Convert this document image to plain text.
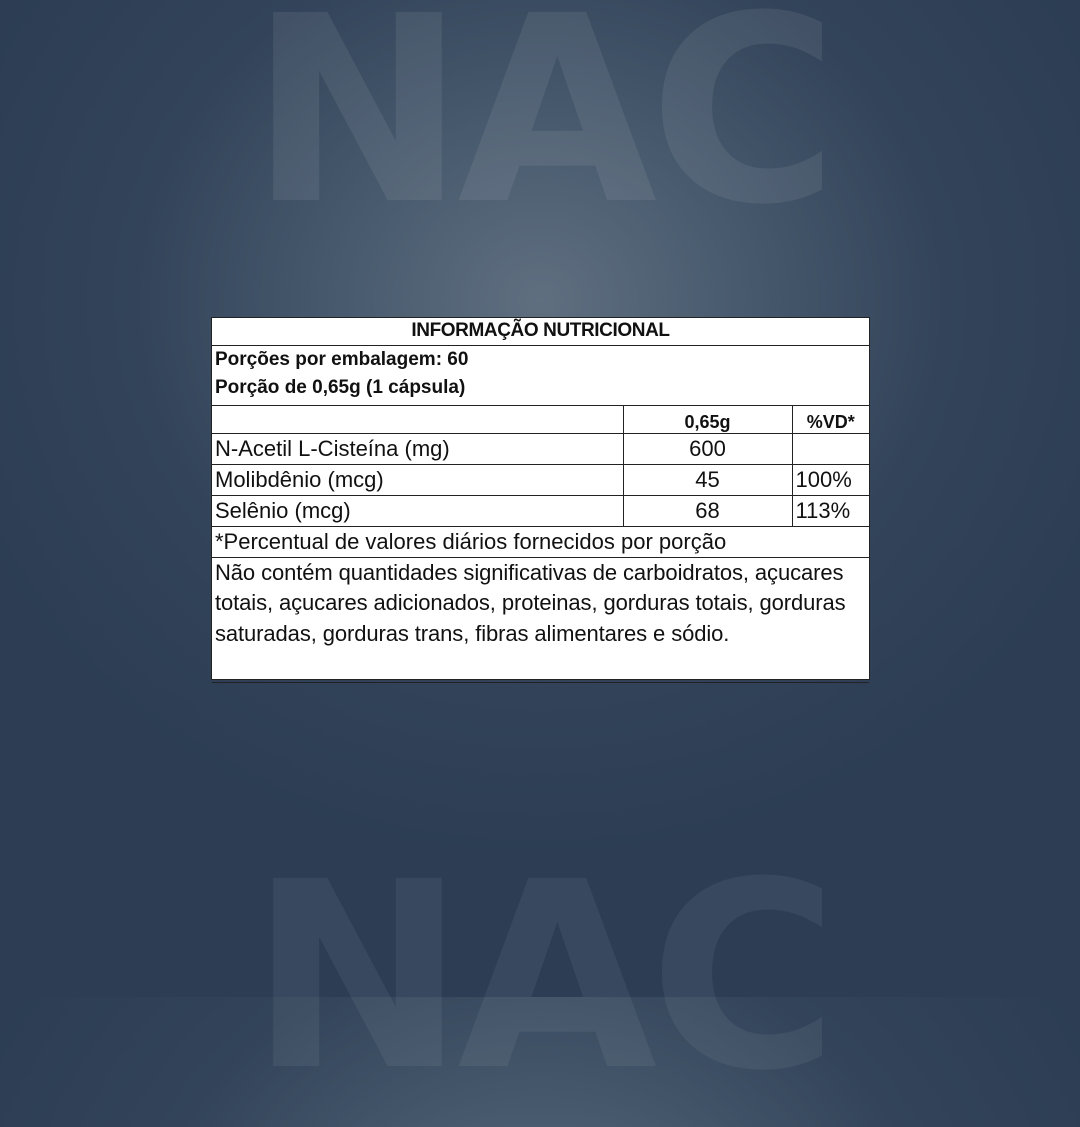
NAC
NAC
INFORMAÇÃO NUTRICIONAL		

Porções por embalagem: 60
Porção de 0,65g (1 cápsula)		

	0,65g	%VD*
N-Acetil L-Cisteína (mg)	600	
Molibdênio (mcg)	45	100%
Selênio (mcg)	68	113%
*Percentual de valores diários fornecidos por porção		
Não contém quantidades significativas de carboidratos, açucares totais, açucares adicionados, proteinas, gorduras totais, gorduras saturadas, gorduras trans, fibras alimentares e sódio.		
